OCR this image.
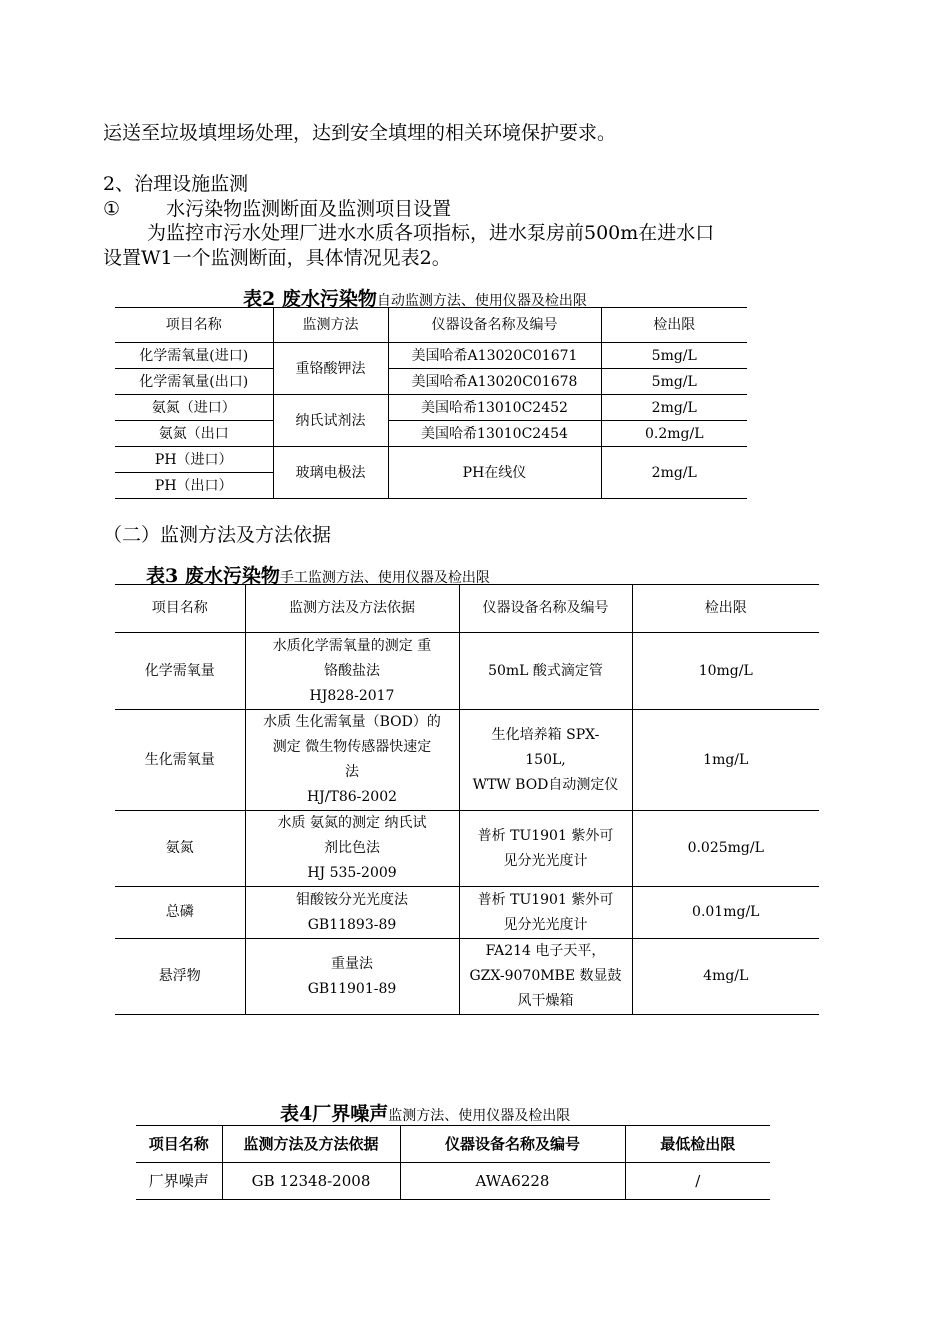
运送至垃圾填埋场处理，达到安全填埋的相关环境保护要求。
2、治理设施监测
① 水污染物监测断面及监测项目设置
为监控市污水处理厂进水水质各项指标，进水泵房前500m在进水口
设置W1一个监测断面，具体情况见表2。
表2 废水污染物自动监测方法、使用仪器及检出限
项目名称	监测方法	仪器设备名称及编号	检出限
化学需氧量(进口)	重铬酸钾法	美国哈希A13020C01671	5mg/L
化学需氧量(出口)		美国哈希A13020C01678	5mg/L
氨氮（进口）	纳氏试剂法	美国哈希13010C2452	2mg/L
氨氮（出口		美国哈希13010C2454	0.2mg/L
PH（进口）	玻璃电极法	PH在线仪	2mg/L
PH（出口）			
（二）监测方法及方法依据
表3 废水污染物手工监测方法、使用仪器及检出限
项目名称	监测方法及方法依据	仪器设备名称及编号	检出限
化学需氧量	水质化学需氧量的测定 重
铬酸盐法
HJ828-2017	50mL 酸式滴定管	10mg/L
生化需氧量	水质 生化需氧量（BOD）的
测定 微生物传感器快速定
法
HJ/T86-2002	生化培养箱 SPX-
150L,
WTW BOD自动测定仪	1mg/L
氨氮	水质 氨氮的测定 纳氏试
剂比色法
HJ 535-2009	普析 TU1901 紫外可
见分光光度计	0.025mg/L
总磷	钼酸铵分光光度法
GB11893-89	普析 TU1901 紫外可
见分光光度计	0.01mg/L
悬浮物	重量法
GB11901-89	FA214 电子天平，
GZX-9070MBE 数显鼓
风干燥箱	4mg/L
表4厂界噪声监测方法、使用仪器及检出限
项目名称	监测方法及方法依据	仪器设备名称及编号	最低检出限
厂界噪声	GB 12348-2008	AWA6228	/
